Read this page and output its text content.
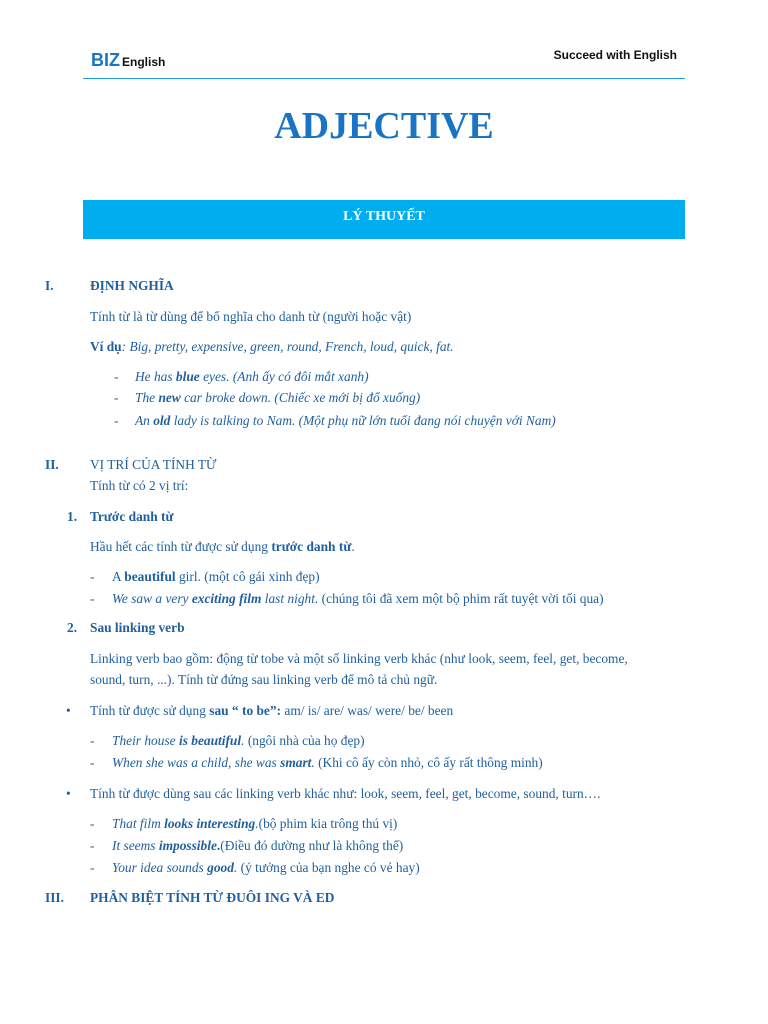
BIZ English	Succeed with English
ADJECTIVE
LÝ THUYẾT
I.	ĐỊNH NGHĨA
Tính từ là từ dùng để bổ nghĩa cho danh từ (người hoặc vật)
Ví dụ: Big, pretty, expensive, green, round, French, loud, quick, fat.
- He has blue eyes. (Anh ấy có đôi mắt xanh)
- The new car broke down. (Chiếc xe mới bị đổ xuống)
- An old lady is talking to Nam. (Một phụ nữ lớn tuổi đang nói chuyện với Nam)
II. VỊ TRÍ CỦA TÍNH TỪ
Tính từ có 2 vị trí:
1. Trước danh từ
Hầu hết các tính từ được sử dụng trước danh từ.
- A beautiful girl. (một cô gái xinh đẹp)
- We saw a very exciting film last night. (chúng tôi đã xem một bộ phim rất tuyệt vời tối qua)
2. Sau linking verb
Linking verb bao gồm: động từ tobe và một số linking verb khác (như look, seem, feel, get, become, sound, turn, ...). Tính từ đứng sau linking verb để mô tả chủ ngữ.
• Tính từ được sử dụng sau “ to be”: am/ is/ are/ was/ were/ be/ been
- Their house is beautiful. (ngôi nhà của họ đẹp)
- When she was a child, she was smart. (Khi cô ấy còn nhỏ, cô ấy rất thông minh)
• Tính từ được dùng sau các linking verb khác như: look, seem, feel, get, become, sound, turn….
- That film looks interesting.(bộ phim kia trông thú vị)
- It seems impossible.(Điều đó dường như là không thể)
- Your idea sounds good. (ý tưởng của bạn nghe có vẻ hay)
III. PHÂN BIỆT TÍNH TỪ ĐUÔI ING VÀ ED
